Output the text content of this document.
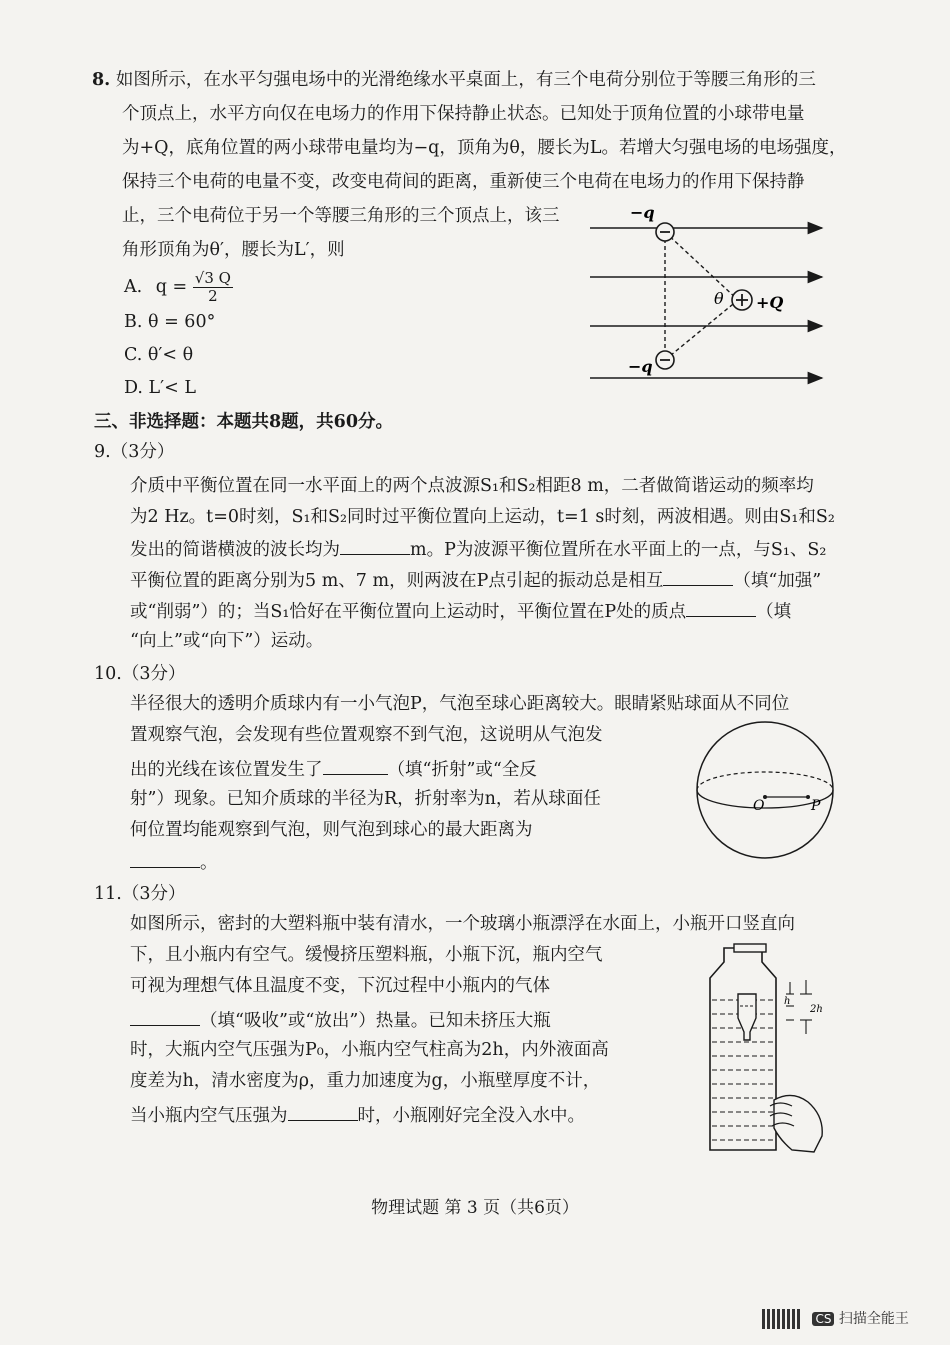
8. 如图所示，在水平匀强电场中的光滑绝缘水平桌面上，有三个电荷分别位于等腰三角形的三
个顶点上，水平方向仅在电场力的作用下保持静止状态。已知处于顶角位置的小球带电量
为+Q，底角位置的两小球带电量均为−q，顶角为θ，腰长为L。若增大匀强电场的电场强度，
保持三个电荷的电量不变，改变电荷间的距离，重新使三个电荷在电场力的作用下保持静
止，三个电荷位于另一个等腰三角形的三个顶点上，该三
角形顶角为θ′，腰长为L′，则
A. $q = \frac{√3 Q}{2}$
B. θ = 60°
C. θ′< θ
D. L′< L
−q
−q
+Q
θ
三、非选择题：本题共8题，共60分。
9.（3分）
介质中平衡位置在同一水平面上的两个点波源S₁和S₂相距8 m，二者做简谐运动的频率均
为2 Hz。t=0时刻，S₁和S₂同时过平衡位置向上运动，t=1 s时刻，两波相遇。则由S₁和S₂
发出的简谐横波的波长均为	m。P为波源平衡位置所在水平面上的一点，与S₁、S₂
平衡位置的距离分别为5 m、7 m，则两波在P点引起的振动总是相互	（填“加强”
或“削弱”）的；当S₁恰好在平衡位置向上运动时，平衡位置在P处的质点	（填
“向上”或“向下”）运动。
10.（3分）
半径很大的透明介质球内有一小气泡P，气泡至球心距离较大。眼睛紧贴球面从不同位
置观察气泡，会发现有些位置观察不到气泡，这说明从气泡发
出的光线在该位置发生了	（填“折射”或“全反
射”）现象。已知介质球的半径为R，折射率为n，若从球面任
何位置均能观察到气泡，则气泡到球心的最大距离为
。
O	P
11.（3分）
如图所示，密封的大塑料瓶中装有清水，一个玻璃小瓶漂浮在水面上，小瓶开口竖直向
下，且小瓶内有空气。缓慢挤压塑料瓶，小瓶下沉，瓶内空气
可视为理想气体且温度不变，下沉过程中小瓶内的气体
（填“吸收”或“放出”）热量。已知未挤压大瓶
时，大瓶内空气压强为P₀，小瓶内空气柱高为2h，内外液面高
度差为h，清水密度为ρ，重力加速度为g，小瓶壁厚度不计，
当小瓶内空气压强为	时，小瓶刚好完全没入水中。
h
2h
物理试题 第 3 页（共6页）
CS 扫描全能王
